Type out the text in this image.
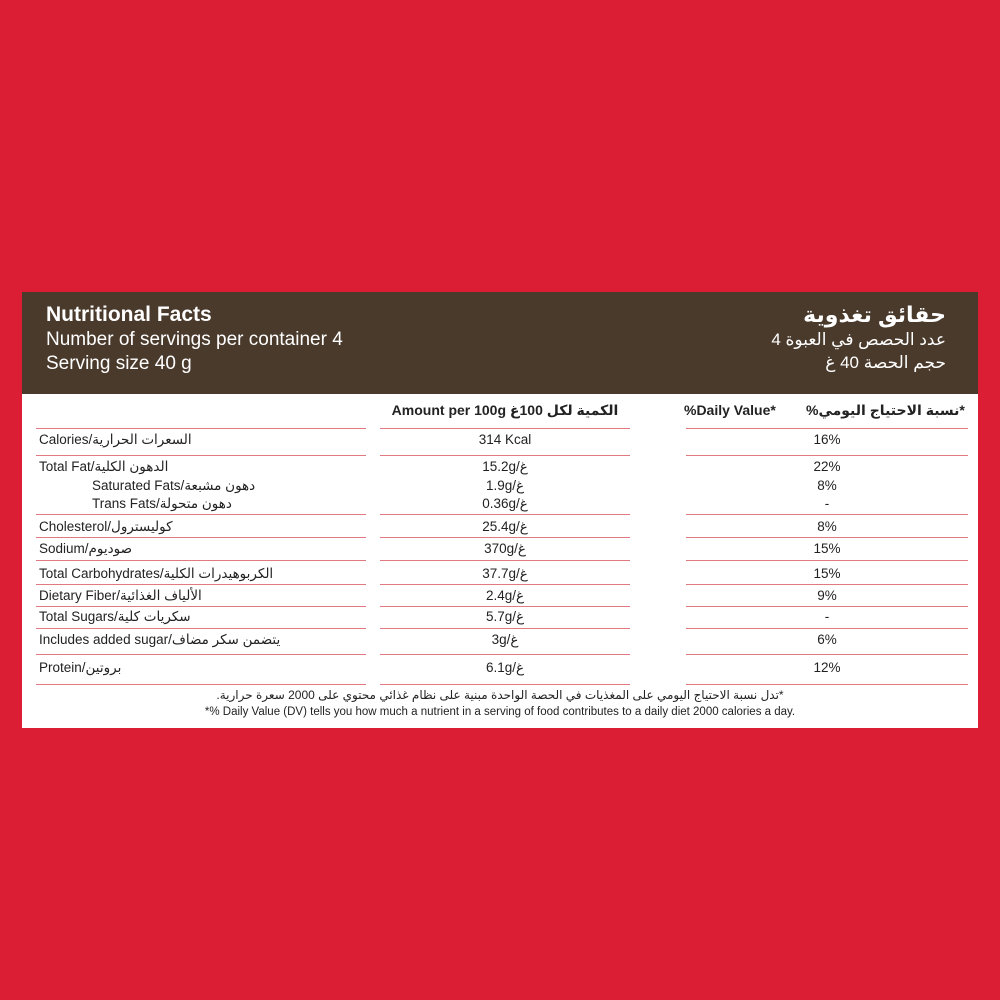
Nutritional Facts
Number of servings per container 4
Serving size 40 g
حقائق تغذوية
عدد الحصص في العبوة 4
حجم الحصة 40 غ
Amount per 100g الكمية لكل 100غ	%Daily Value* *نسبة الاحتياج اليومي%
Calories/السعرات الحرارية	314 Kcal	16%
Total Fat/الدهون الكلية	15.2g/غ	22%
Saturated Fats/دهون مشبعة	1.9g/غ	8%
Trans Fats/دهون متحولة	0.36g/غ	-
Cholesterol/كوليسترول	25.4g/غ	8%
Sodium/صوديوم	370g/غ	15%
Total Carbohydrates/الكربوهيدرات الكلية	37.7g/غ	15%
Dietary Fiber/الألياف الغذائية	2.4g/غ	9%
Total Sugars/سكريات كلية	5.7g/غ	-
Includes added sugar/يتضمن سكر مضاف	3g/غ	6%
Protein/بروتين	6.1g/غ	12%
*تدل نسبة الاحتياج اليومي على المغذيات في الحصة الواحدة مبنية على نظام غذائي محتوي على 2000 سعرة حرارية.
*% Daily Value (DV) tells you how much a nutrient in a serving of food contributes to a daily diet 2000 calories a day.
